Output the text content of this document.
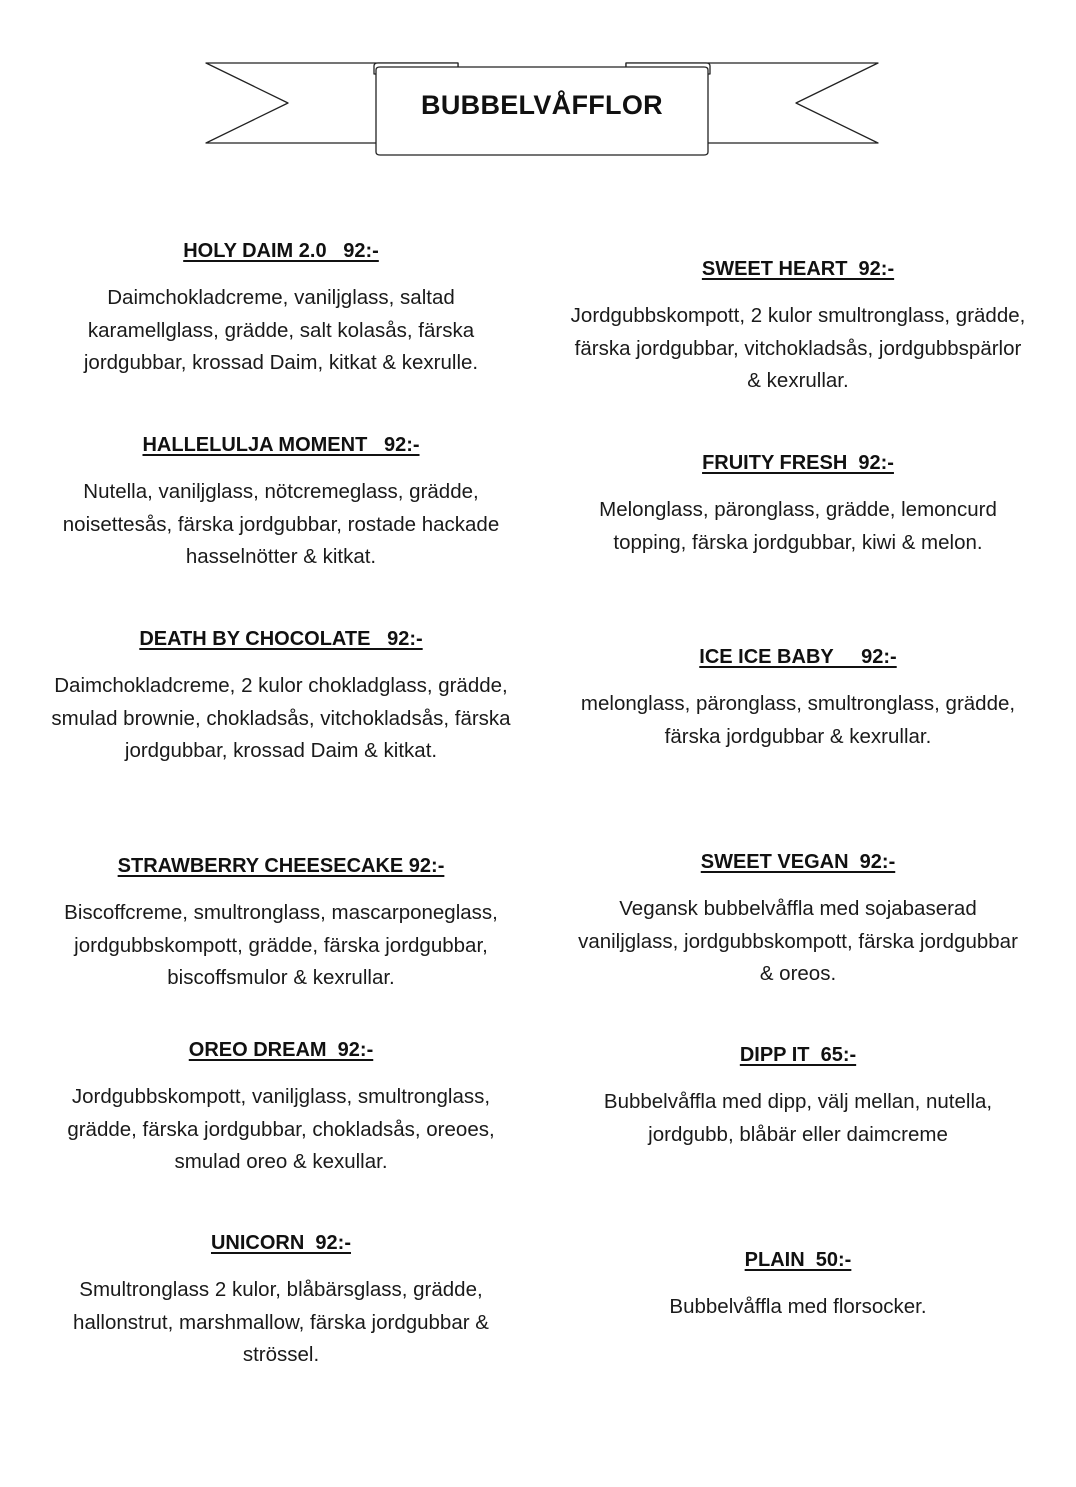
BUBBELVÅFFLOR
HOLY DAIM 2.0   92:-
Daimchokladcreme, vaniljglass, saltad karamellglass, grädde, salt kolasås, färska jordgubbar, krossad Daim, kitkat & kexrulle.
HALLELULJA MOMENT   92:-
Nutella, vaniljglass, nötcremeglass, grädde, noisettesås, färska jordgubbar, rostade hackade hasselnötter & kitkat.
DEATH BY CHOCOLATE   92:-
Daimchokladcreme, 2 kulor chokladglass, grädde, smulad brownie, chokladsås, vitchokladsås, färska jordgubbar, krossad Daim & kitkat.
STRAWBERRY CHEESECAKE 92:-
Biscoffcreme, smultronglass, mascarponeglass, jordgubbskompott, grädde, färska jordgubbar, biscoffsmulor & kexrullar.
OREO DREAM  92:-
Jordgubbskompott, vaniljglass, smultronglass, grädde, färska jordgubbar, chokladsås, oreoes, smulad oreo & kexullar.
UNICORN  92:-
Smultronglass 2 kulor, blåbärsglass, grädde, hallonstrut, marshmallow, färska jordgubbar & strössel.
SWEET HEART  92:-
Jordgubbskompott, 2 kulor smultronglass, grädde, färska jordgubbar, vitchokladsås, jordgubbspärlor & kexrullar.
FRUITY FRESH  92:-
Melonglass, päronglass, grädde, lemoncurd topping, färska jordgubbar, kiwi & melon.
ICE ICE BABY     92:-
melonglass, päronglass, smultronglass, grädde, färska jordgubbar & kexrullar.
SWEET VEGAN  92:-
Vegansk bubbelvåffla med sojabaserad vaniljglass, jordgubbskompott, färska jordgubbar & oreos.
DIPP IT  65:-
Bubbelvåffla med dipp, välj mellan, nutella, jordgubb, blåbär eller daimcreme
PLAIN  50:-
Bubbelvåffla med florsocker.
